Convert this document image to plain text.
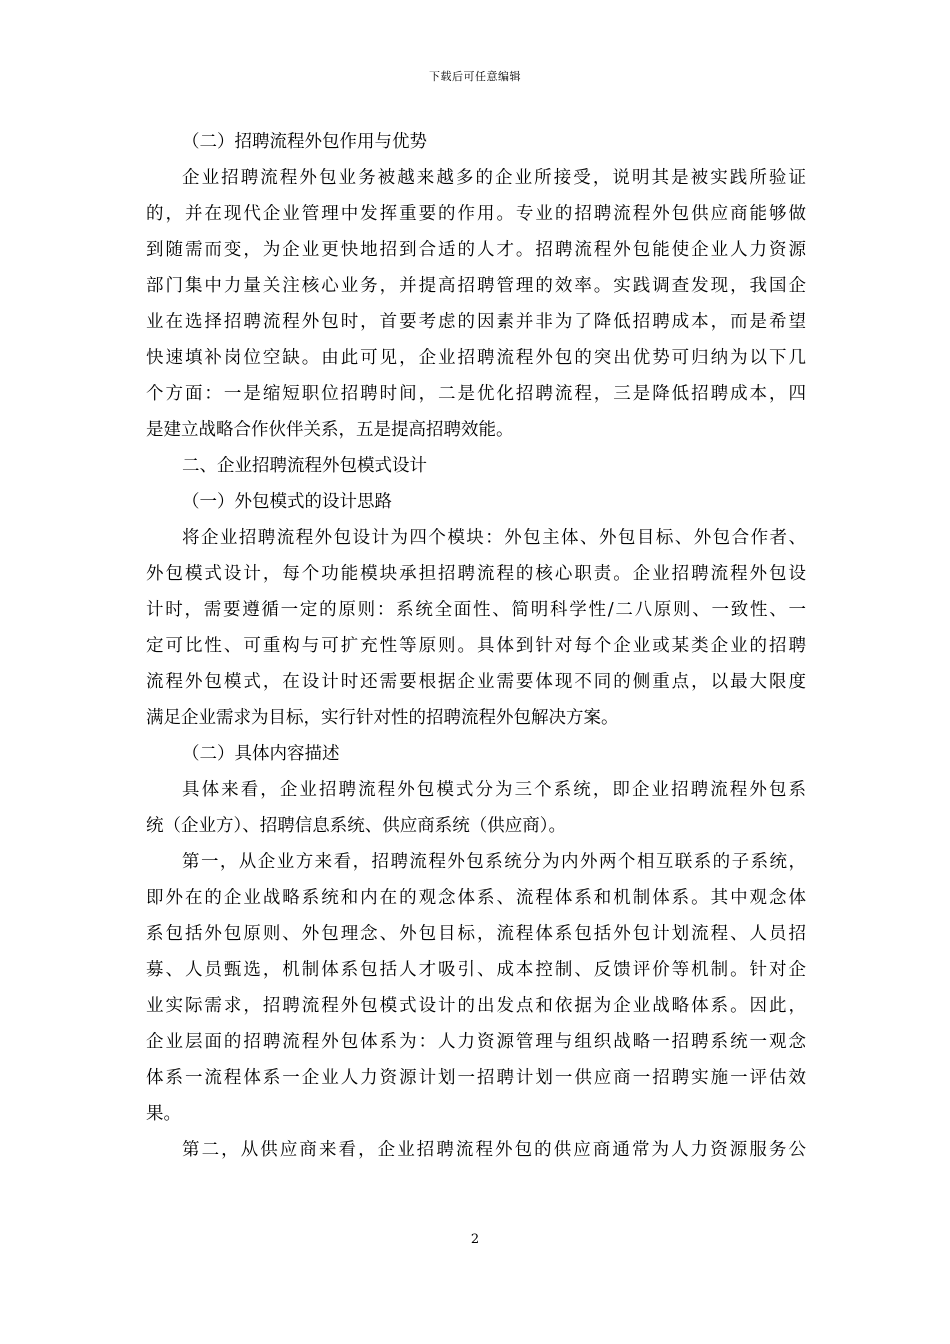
下载后可任意编辑
（二）招聘流程外包作用与优势
企业招聘流程外包业务被越来越多的企业所接受，说明其是被实践所验证
的，并在现代企业管理中发挥重要的作用。专业的招聘流程外包供应商能够做
到随需而变，为企业更快地招到合适的人才。招聘流程外包能使企业人力资源
部门集中力量关注核心业务，并提高招聘管理的效率。实践调查发现，我国企
业在选择招聘流程外包时，首要考虑的因素并非为了降低招聘成本，而是希望
快速填补岗位空缺。由此可见，企业招聘流程外包的突出优势可归纳为以下几
个方面：一是缩短职位招聘时间，二是优化招聘流程，三是降低招聘成本，四
是建立战略合作伙伴关系，五是提高招聘效能。
二、企业招聘流程外包模式设计
（一）外包模式的设计思路
将企业招聘流程外包设计为四个模块：外包主体、外包目标、外包合作者、
外包模式设计，每个功能模块承担招聘流程的核心职责。企业招聘流程外包设
计时，需要遵循一定的原则：系统全面性、简明科学性/二八原则、一致性、一
定可比性、可重构与可扩充性等原则。具体到针对每个企业或某类企业的招聘
流程外包模式，在设计时还需要根据企业需要体现不同的侧重点，以最大限度
满足企业需求为目标，实行针对性的招聘流程外包解决方案。
（二）具体内容描述
具体来看，企业招聘流程外包模式分为三个系统，即企业招聘流程外包系
统（企业方）、招聘信息系统、供应商系统（供应商）。
第一，从企业方来看，招聘流程外包系统分为内外两个相互联系的子系统，
即外在的企业战略系统和内在的观念体系、流程体系和机制体系。其中观念体
系包括外包原则、外包理念、外包目标，流程体系包括外包计划流程、人员招
募、人员甄选，机制体系包括人才吸引、成本控制、反馈评价等机制。针对企
业实际需求，招聘流程外包模式设计的出发点和依据为企业战略体系。因此，
企业层面的招聘流程外包体系为：人力资源管理与组织战略一招聘系统一观念
体系一流程体系一企业人力资源计划一招聘计划一供应商一招聘实施一评估效
果。
第二，从供应商来看，企业招聘流程外包的供应商通常为人力资源服务公
2
